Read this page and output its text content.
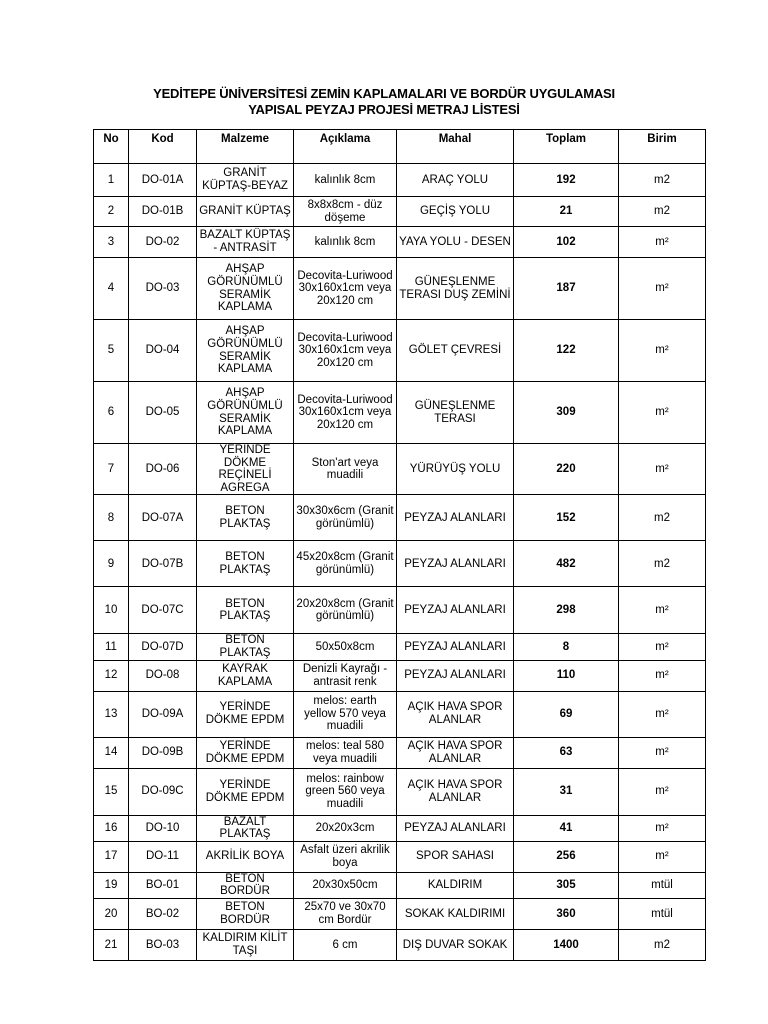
YEDİTEPE ÜNİVERSİTESİ ZEMİN KAPLAMALARI VE BORDÜR UYGULAMASI
YAPISAL PEYZAJ PROJESİ METRAJ LİSTESİ
No	Kod	Malzeme	Açıklama	Mahal	Toplam	Birim
1	DO-01A	GRANİT KÜPTAŞ-BEYAZ	kalınlık 8cm	ARAÇ YOLU	192	m2
2	DO-01B	GRANİT KÜPTAŞ	8x8x8cm - düz döşeme	GEÇİŞ YOLU	21	m2
3	DO-02	BAZALT KÜPTAŞ - ANTRASİT	kalınlık 8cm	YAYA YOLU - DESEN	102	m²
4	DO-03	AHŞAP GÖRÜNÜMLÜ SERAMİK KAPLAMA	Decovita-Luriwood 30x160x1cm veya 20x120 cm	GÜNEŞLENME TERASI DUŞ ZEMİNİ	187	m²
5	DO-04	AHŞAP GÖRÜNÜMLÜ SERAMİK KAPLAMA	Decovita-Luriwood 30x160x1cm veya 20x120 cm	GÖLET ÇEVRESİ	122	m²
6	DO-05	AHŞAP GÖRÜNÜMLÜ SERAMİK KAPLAMA	Decovita-Luriwood 30x160x1cm veya 20x120 cm	GÜNEŞLENME TERASI	309	m²
7	DO-06	YERİNDE DÖKME REÇİNELİ AGREGA	Ston'art veya muadili	YÜRÜYÜŞ YOLU	220	m²
8	DO-07A	BETON PLAKTAŞ	30x30x6cm (Granit görünümlü)	PEYZAJ ALANLARI	152	m2
9	DO-07B	BETON PLAKTAŞ	45x20x8cm (Granit görünümlü)	PEYZAJ ALANLARI	482	m2
10	DO-07C	BETON PLAKTAŞ	20x20x8cm (Granit görünümlü)	PEYZAJ ALANLARI	298	m²
11	DO-07D	BETON PLAKTAŞ	50x50x8cm	PEYZAJ ALANLARI	8	m²
12	DO-08	KAYRAK KAPLAMA	Denizli Kayrağı - antrasit renk	PEYZAJ ALANLARI	110	m²
13	DO-09A	YERİNDE DÖKME EPDM	melos: earth yellow 570 veya muadili	AÇIK HAVA SPOR ALANLAR	69	m²
14	DO-09B	YERİNDE DÖKME EPDM	melos: teal 580 veya muadili	AÇIK HAVA SPOR ALANLAR	63	m²
15	DO-09C	YERİNDE DÖKME EPDM	melos: rainbow green 560 veya muadili	AÇIK HAVA SPOR ALANLAR	31	m²
16	DO-10	BAZALT PLAKTAŞ	20x20x3cm	PEYZAJ ALANLARI	41	m²
17	DO-11	AKRİLİK BOYA	Asfalt üzeri akrilik boya	SPOR SAHASI	256	m²
19	BO-01	BETON BORDÜR	20x30x50cm	KALDIRIM	305	mtül
20	BO-02	BETON BORDÜR	25x70 ve 30x70 cm Bordür	SOKAK KALDIRIMI	360	mtül
21	BO-03	KALDIRIM KİLİT TAŞI	6 cm	DIŞ DUVAR SOKAK	1400	m2
